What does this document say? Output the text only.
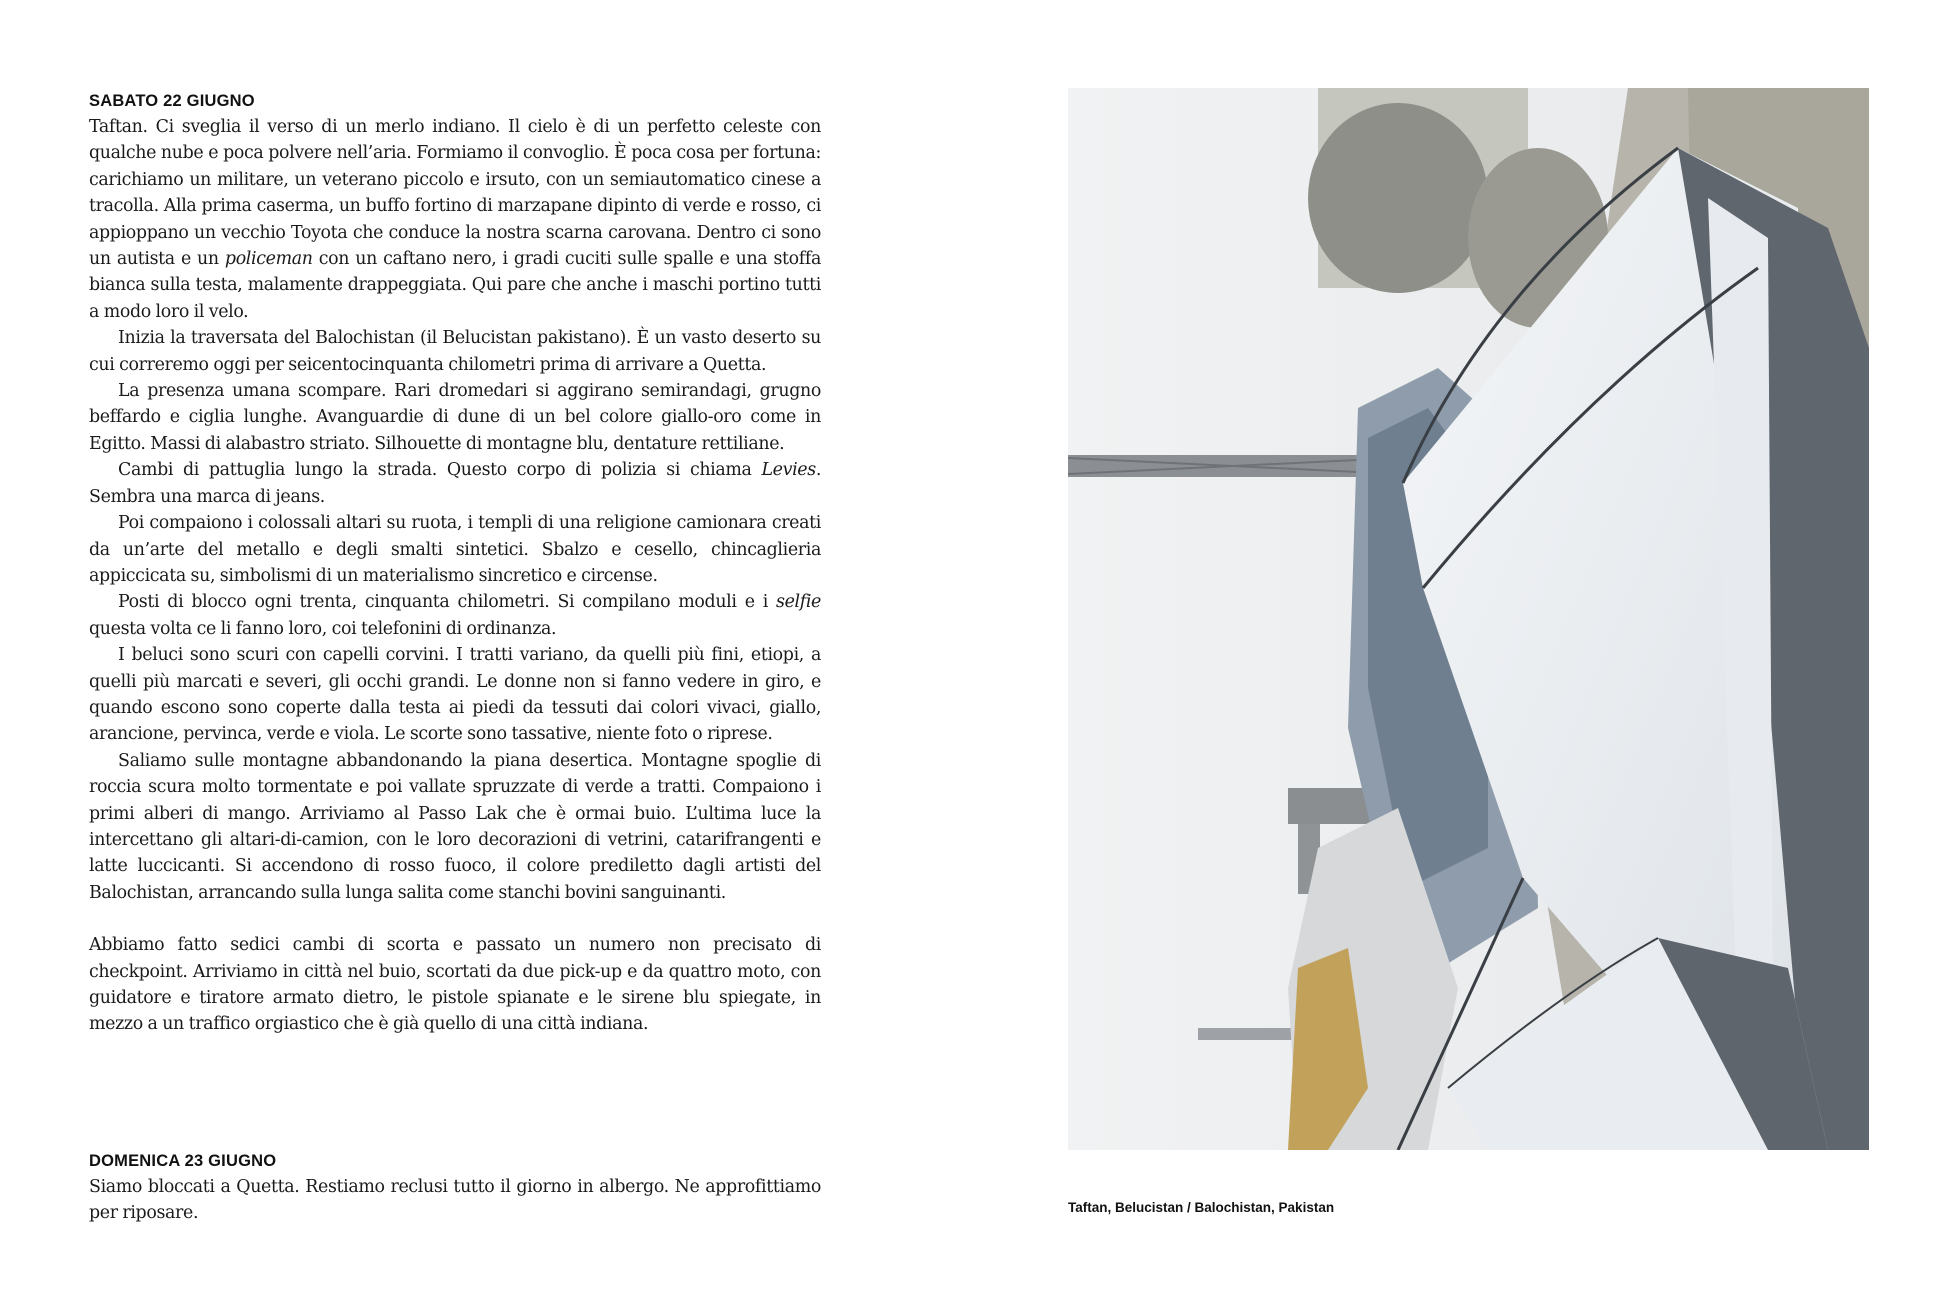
SABATO 22 GIUGNO
Taftan. Ci sveglia il verso di un merlo indiano. Il cielo è di un perfetto celeste con qualche nube e poca polvere nell’aria. Formiamo il convoglio. È poca cosa per fortuna: carichiamo un militare, un veterano piccolo e irsuto, con un semiautomatico cinese a tracolla. Alla prima caserma, un buffo fortino di marzapane dipinto di verde e rosso, ci appioppano un vecchio Toyota che conduce la nostra scarna carovana. Dentro ci sono un autista e un policeman con un caftano nero, i gradi cuciti sulle spalle e una stoffa bianca sulla testa, malamente drappeggiata. Qui pare che anche i maschi portino tutti a modo loro il velo.
Inizia la traversata del Balochistan (il Belucistan pakistano). È un vasto deserto su cui correremo oggi per seicentocinquanta chilometri prima di arrivare a Quetta.
La presenza umana scompare. Rari dromedari si aggirano semirandagi, grugno beffardo e ciglia lunghe. Avanguardie di dune di un bel colore giallo-oro come in Egitto. Massi di alabastro striato. Silhouette di montagne blu, dentature rettiliane.
Cambi di pattuglia lungo la strada. Questo corpo di polizia si chiama Levies. Sembra una marca di jeans.
Poi compaiono i colossali altari su ruota, i templi di una religione camionara creati da un’arte del metallo e degli smalti sintetici. Sbalzo e cesello, chincaglieria appiccicata su, simbolismi di un materialismo sincretico e circense.
Posti di blocco ogni trenta, cinquanta chilometri. Si compilano moduli e i selfie questa volta ce li fanno loro, coi telefonini di ordinanza.
I beluci sono scuri con capelli corvini. I tratti variano, da quelli più fini, etiopi, a quelli più marcati e severi, gli occhi grandi. Le donne non si fanno vedere in giro, e quando escono sono coperte dalla testa ai piedi da tessuti dai colori vivaci, giallo, arancione, pervinca, verde e viola. Le scorte sono tassative, niente foto o riprese.
Saliamo sulle montagne abbandonando la piana desertica. Montagne spoglie di roccia scura molto tormentate e poi vallate spruzzate di verde a tratti. Compaiono i primi alberi di mango. Arriviamo al Passo Lak che è ormai buio. L’ultima luce la intercettano gli altari-di-camion, con le loro decorazioni di vetrini, catarifrangenti e latte luccicanti. Si accendono di rosso fuoco, il colore prediletto dagli artisti del Balochistan, arrancando sulla lunga salita come stanchi bovini sanguinanti.
Abbiamo fatto sedici cambi di scorta e passato un numero non precisato di checkpoint. Arriviamo in città nel buio, scortati da due pick-up e da quattro moto, con guidatore e tiratore armato dietro, le pistole spianate e le sirene blu spiegate, in mezzo a un traffico orgiastico che è già quello di una città indiana.
DOMENICA 23 GIUGNO
Siamo bloccati a Quetta. Restiamo reclusi tutto il giorno in albergo. Ne approfittiamo per riposare.	Taftan, Belucistan / Balochistan, Pakistan
